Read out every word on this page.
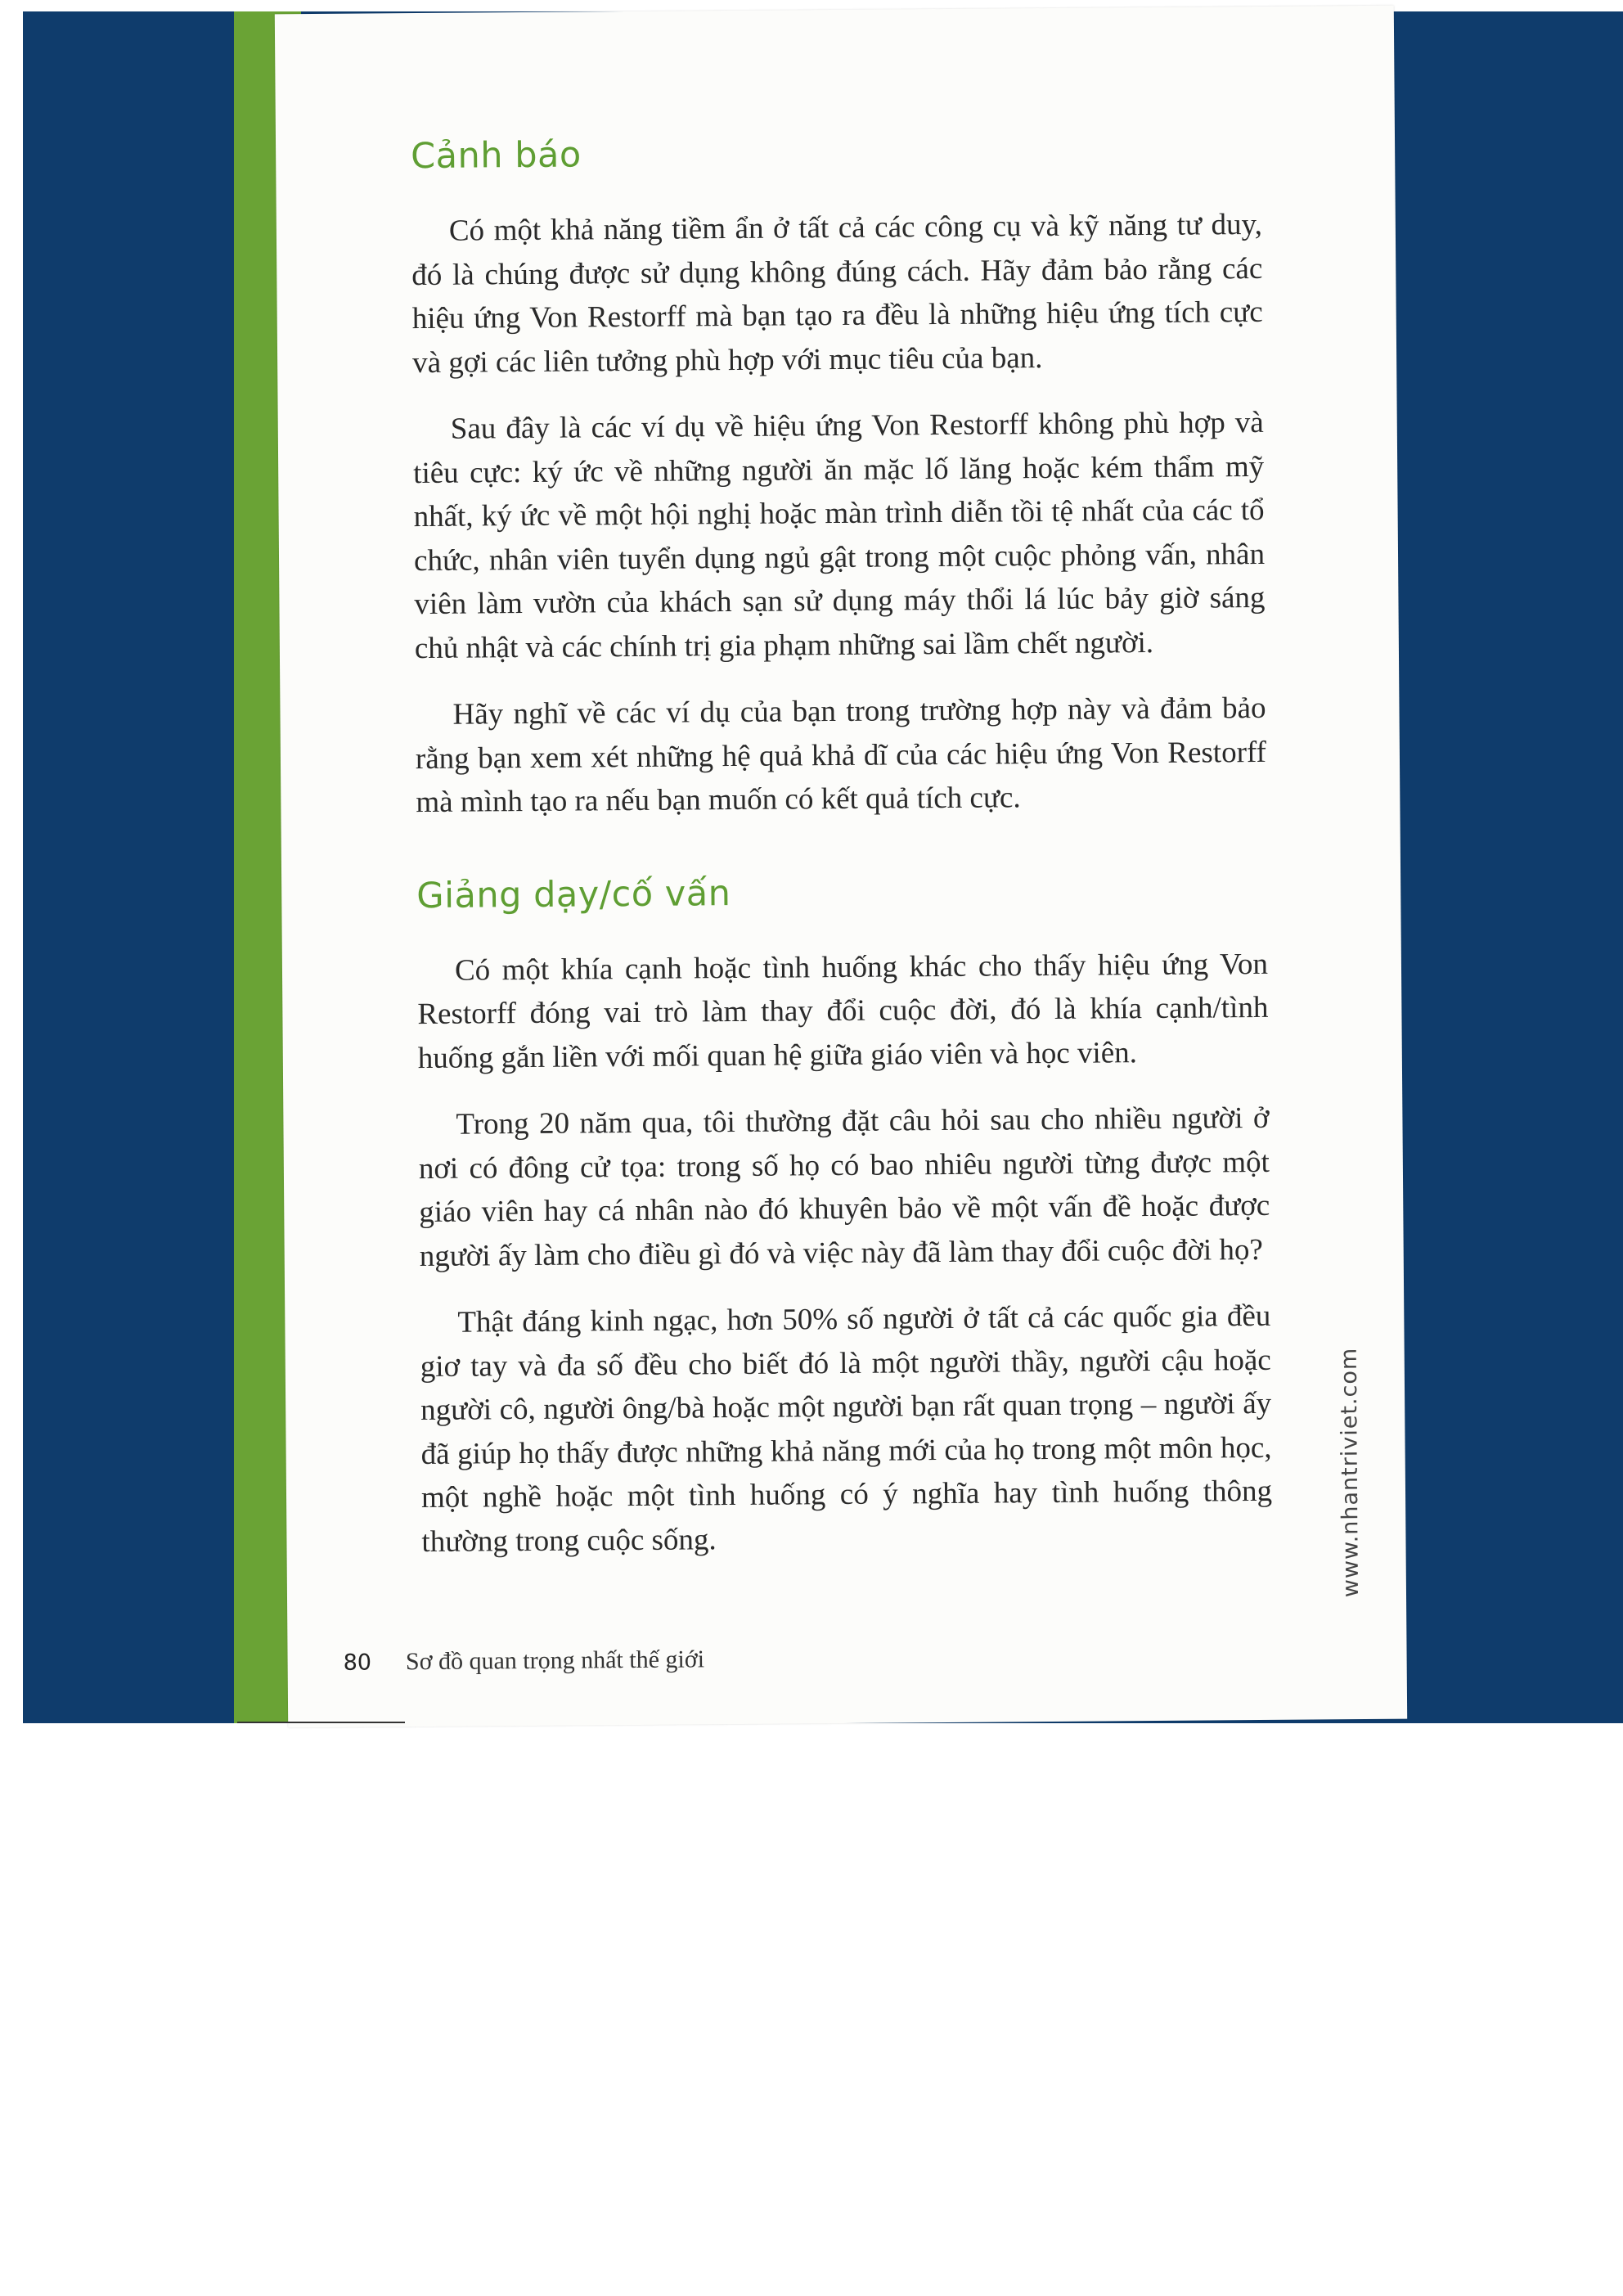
Cảnh báo

Có một khả năng tiềm ẩn ở tất cả các công cụ và kỹ năng tư duy, đó là chúng được sử dụng không đúng cách. Hãy đảm bảo rằng các hiệu ứng Von Restorff mà bạn tạo ra đều là những hiệu ứng tích cực và gợi các liên tưởng phù hợp với mục tiêu của bạn.

Sau đây là các ví dụ về hiệu ứng Von Restorff không phù hợp và tiêu cực: ký ức về những người ăn mặc lố lăng hoặc kém thẩm mỹ nhất, ký ức về một hội nghị hoặc màn trình diễn tồi tệ nhất của các tổ chức, nhân viên tuyển dụng ngủ gật trong một cuộc phỏng vấn, nhân viên làm vườn của khách sạn sử dụng máy thổi lá lúc bảy giờ sáng chủ nhật và các chính trị gia phạm những sai lầm chết người.

Hãy nghĩ về các ví dụ của bạn trong trường hợp này và đảm bảo rằng bạn xem xét những hệ quả khả dĩ của các hiệu ứng Von Restorff mà mình tạo ra nếu bạn muốn có kết quả tích cực.

Giảng dạy/cố vấn

Có một khía cạnh hoặc tình huống khác cho thấy hiệu ứng Von Restorff đóng vai trò làm thay đổi cuộc đời, đó là khía cạnh/tình huống gắn liền với mối quan hệ giữa giáo viên và học viên.

Trong 20 năm qua, tôi thường đặt câu hỏi sau cho nhiều người ở nơi có đông cử tọa: trong số họ có bao nhiêu người từng được một giáo viên hay cá nhân nào đó khuyên bảo về một vấn đề hoặc được người ấy làm cho điều gì đó và việc này đã làm thay đổi cuộc đời họ?

Thật đáng kinh ngạc, hơn 50% số người ở tất cả các quốc gia đều giơ tay và đa số đều cho biết đó là một người thầy, người cậu hoặc người cô, người ông/bà hoặc một người bạn rất quan trọng – người ấy đã giúp họ thấy được những khả năng mới của họ trong một môn học, một nghề hoặc một tình huống có ý nghĩa hay tình huống thông thường trong cuộc sống.	www.nhantriviet.com
80 Sơ đồ quan trọng nhất thế giới
